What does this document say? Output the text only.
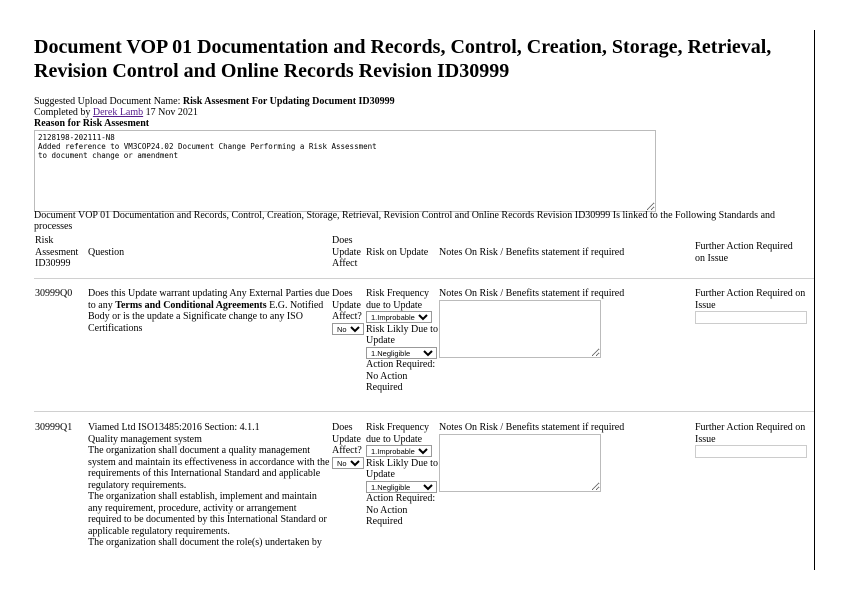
Document VOP 01 Documentation and Records, Control, Creation, Storage, Retrieval, Revision Control and Online Records Revision ID30999
Suggested Upload Document Name: Risk Assesment For Updating Document ID30999
Completed by Derek Lamb 17 Nov 2021
Reason for Risk Assesment
2128198-202111-N8 Added reference to VM3COP24.02 Document Change Performing a Risk Assessment to document change or amendment
Document VOP 01 Documentation and Records, Control, Creation, Storage, Retrieval, Revision Control and Online Records Revision ID30999 Is linked to the Following Standards and processes
Risk Assesment ID30999
Question
Does Update Affect
Risk on Update Notes On Risk / Benefits statement if required
Further Action Required on Issue
30999Q0 Does this Update warrant updating Any External Parties due to any Terms and Conditional Agreements E.G. Notified Body or is the update a Significate change to any ISO Certifications
Does Update Affect?
No
Risk Frequency due to Update
1.Improbable
Risk Likly Due to Update
1.Negligible
Action Required:
No Action Required
Notes On Risk / Benefits statement if required	Further Action Required on Issue
30999Q1 Viamed Ltd ISO13485:2016 Section: 4.1.1
Quality management system
The organization shall document a quality management system and maintain its effectiveness in accordance with the requirements of this International Standard and applicable regulatory requirements.
The organization shall establish, implement and maintain any requirement, procedure, activity or arrangement required to be documented by this International Standard or applicable regulatory requirements.
The organization shall document the role(s) undertaken by
Does Update Affect?
No
Risk Frequency due to Update
1.Improbable
Risk Likly Due to Update
1.Negligible
Action Required:
No Action Required
Notes On Risk / Benefits statement if required	Further Action Required on Issue
